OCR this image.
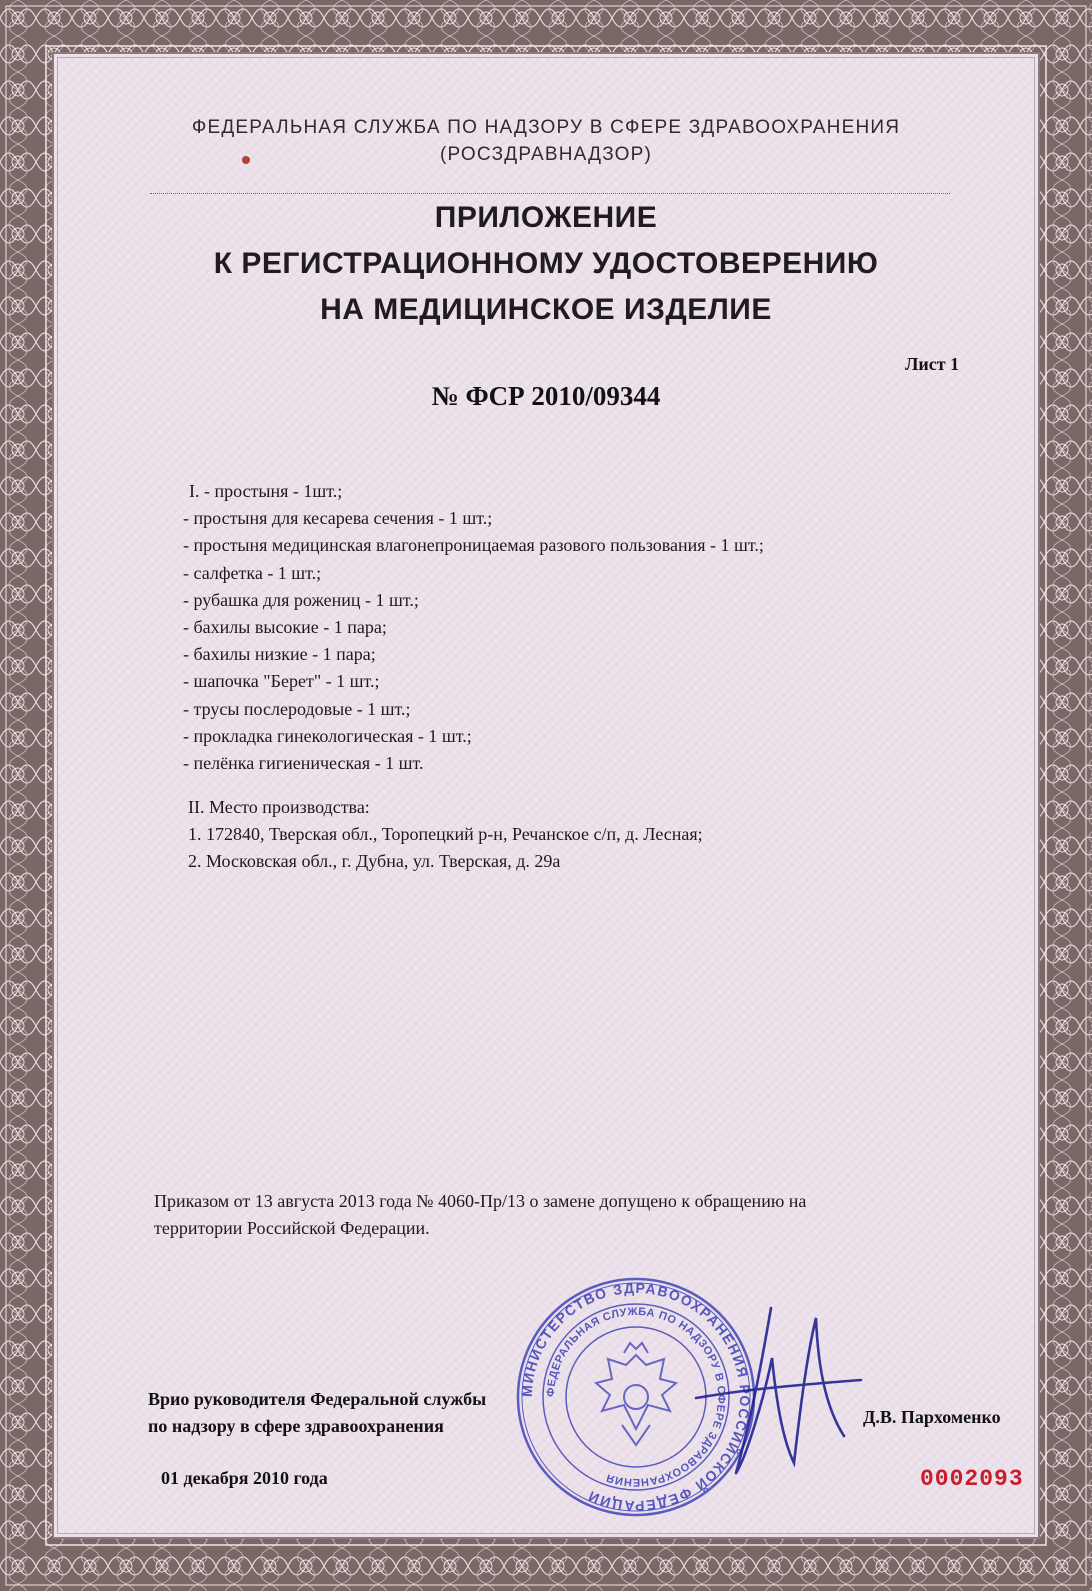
ФЕДЕРАЛЬНАЯ СЛУЖБА ПО НАДЗОРУ В СФЕРЕ ЗДРАВООХРАНЕНИЯ
(РОСЗДРАВНАДЗОР)
ПРИЛОЖЕНИЕ
К РЕГИСТРАЦИОННОМУ УДОСТОВЕРЕНИЮ
НА МЕДИЦИНСКОЕ ИЗДЕЛИЕ
Лист 1
№ ФСР 2010/09344
I. - простыня - 1шт.;
- простыня для кесарева сечения - 1 шт.;
- простыня медицинская влагонепроницаемая разового пользования - 1 шт.;
- салфетка - 1 шт.;
- рубашка для рожениц - 1 шт.;
- бахилы высокие - 1 пара;
- бахилы низкие - 1 пара;
- шапочка "Берет" - 1 шт.;
- трусы послеродовые - 1 шт.;
- прокладка гинекологическая - 1 шт.;
- пелёнка гигиеническая - 1 шт.
II. Место производства:
1. 172840, Тверская обл., Торопецкий р-н, Речанское с/п, д. Лесная;
2. Московская обл., г. Дубна, ул. Тверская, д. 29а
Приказом от 13 августа 2013 года № 4060-Пр/13 о замене допущено к обращению на
территории Российской Федерации.
МИНИСТЕРСТВО ЗДРАВООХРАНЕНИЯ РОССИЙСКОЙ ФЕДЕРАЦИИ
ФЕДЕРАЛЬНАЯ СЛУЖБА ПО НАДЗОРУ В СФЕРЕ ЗДРАВООХРАНЕНИЯ
Врио руководителя Федеральной службы
по надзору в сфере здравоохранения	Д.В. Пархоменко
01 декабря 2010 года	0002093
